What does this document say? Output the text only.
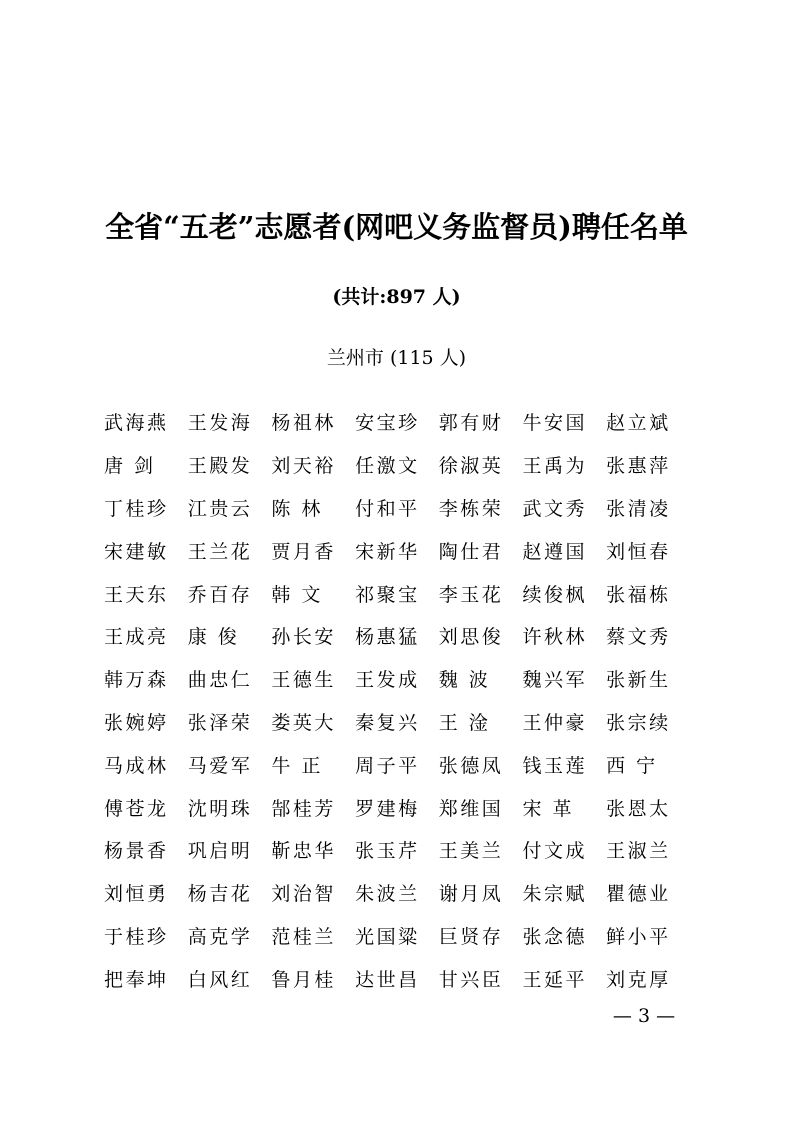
全省“五老”志愿者(网吧义务监督员)聘任名单
(共计:897 人)
兰州市 (115 人)
武海燕	王发海	杨祖林	安宝珍	郭有财	牛安国	赵立斌
唐 剑	王殿发	刘天裕	任激文	徐淑英	王禹为	张惠萍
丁桂珍	江贵云	陈 林	付和平	李栋荣	武文秀	张清凌
宋建敏	王兰花	贾月香	宋新华	陶仕君	赵遵国	刘恒春
王天东	乔百存	韩 文	祁聚宝	李玉花	续俊枫	张福栋
王成亮	康 俊	孙长安	杨惠猛	刘思俊	许秋林	蔡文秀
韩万森	曲忠仁	王德生	王发成	魏 波	魏兴军	张新生
张婉婷	张泽荣	娄英大	秦复兴	王 淦	王仲豪	张宗续
马成林	马爱军	牛 正	周子平	张德凤	钱玉莲	西 宁
傅苍龙	沈明珠	郜桂芳	罗建梅	郑维国	宋 革	张恩太
杨景香	巩启明	靳忠华	张玉芹	王美兰	付文成	王淑兰
刘恒勇	杨吉花	刘治智	朱波兰	谢月凤	朱宗赋	瞿德业
于桂珍	高克学	范桂兰	光国粱	巨贤存	张念德	鲜小平
把奉坤	白风红	鲁月桂	达世昌	甘兴臣	王延平	刘克厚
— 3 —
